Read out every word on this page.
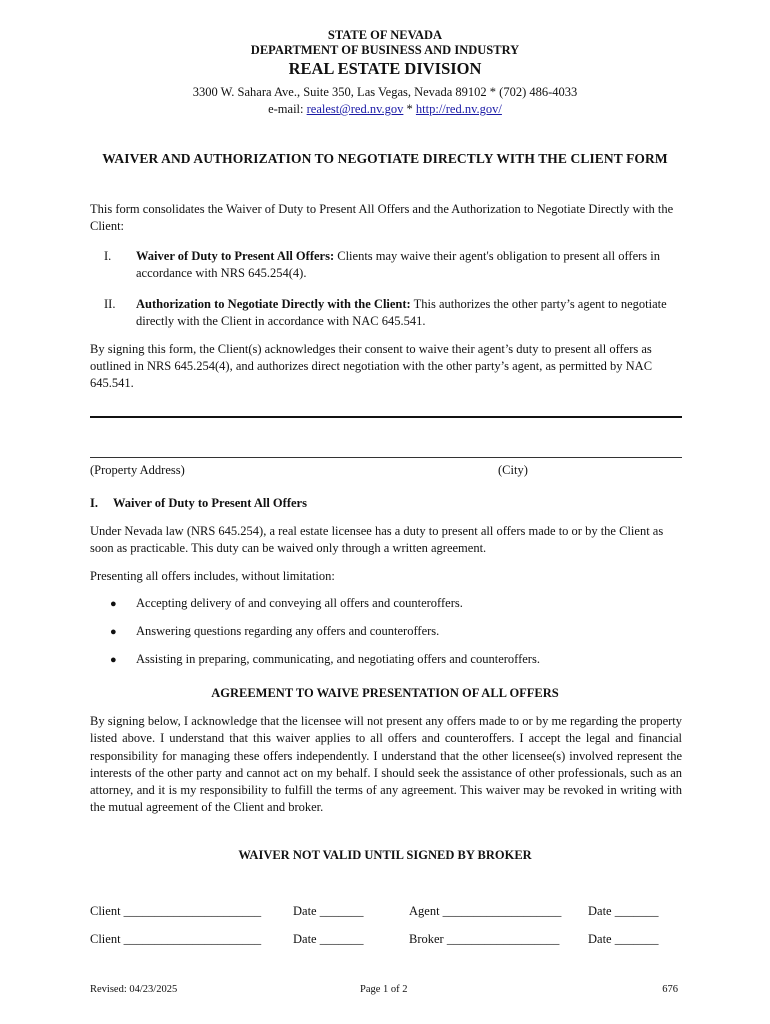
STATE OF NEVADA
DEPARTMENT OF BUSINESS AND INDUSTRY
REAL ESTATE DIVISION
3300 W. Sahara Ave., Suite 350, Las Vegas, Nevada 89102 * (702) 486-4033
e-mail: realest@red.nv.gov * http://red.nv.gov/
WAIVER AND AUTHORIZATION TO NEGOTIATE DIRECTLY WITH THE CLIENT FORM
This form consolidates the Waiver of Duty to Present All Offers and the Authorization to Negotiate Directly with the Client:
I.	Waiver of Duty to Present All Offers: Clients may waive their agent's obligation to present all offers in accordance with NRS 645.254(4).
II.	Authorization to Negotiate Directly with the Client: This authorizes the other party’s agent to negotiate directly with the Client in accordance with NAC 645.541.
By signing this form, the Client(s) acknowledges their consent to waive their agent’s duty to present all offers as outlined in NRS 645.254(4), and authorizes direct negotiation with the other party’s agent, as permitted by NAC 645.541.
(Property Address)	(City)
I.	Waiver of Duty to Present All Offers
Under Nevada law (NRS 645.254), a real estate licensee has a duty to present all offers made to or by the Client as soon as practicable. This duty can be waived only through a written agreement.
Presenting all offers includes, without limitation:
●	Accepting delivery of and conveying all offers and counteroffers.
●	Answering questions regarding any offers and counteroffers.
●	Assisting in preparing, communicating, and negotiating offers and counteroffers.
AGREEMENT TO WAIVE PRESENTATION OF ALL OFFERS
By signing below, I acknowledge that the licensee will not present any offers made to or by me regarding the property listed above. I understand that this waiver applies to all offers and counteroffers. I accept the legal and financial responsibility for managing these offers independently. I understand that the other licensee(s) involved represent the interests of the other party and cannot act on my behalf. I should seek the assistance of other professionals, such as an attorney, and it is my responsibility to fulfill the terms of any agreement. This waiver may be revoked in writing with the mutual agreement of the Client and broker.
WAIVER NOT VALID UNTIL SIGNED BY BROKER
Client ______________________	Date _______	Agent ___________________ Date _______
Client ______________________	Date _______	Broker __________________ Date _______
Revised: 04/23/2025	Page 1 of 2	676
